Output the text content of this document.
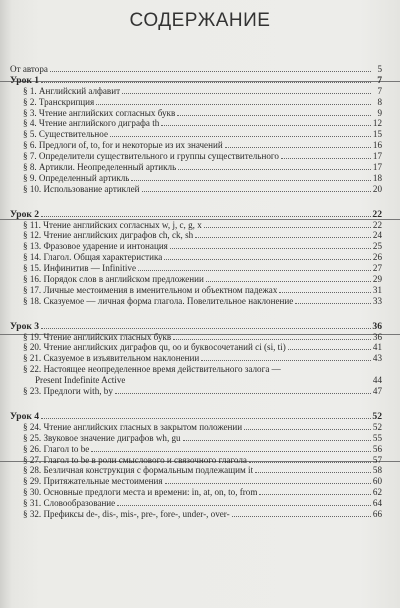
СОДЕРЖАНИЕ
От автора	5
Урок 1	7
§ 1. Английский алфавит	7
§ 2. Транскрипция	8
§ 3. Чтение английских согласных букв	9
§ 4. Чтение английского диграфа th	12
§ 5. Существительное	15
§ 6. Предлоги of, to, for и некоторые из их значений	16
§ 7. Определители существительного и группы существительного	17
§ 8. Артикли. Неопределенный артикль	17
§ 9. Определенный артикль	18
§ 10. Использование артиклей	20
Урок 2	22
§ 11. Чтение английских согласных w, j, c, g, x	22
§ 12. Чтение английских диграфов ch, ck, sh	24
§ 13. Фразовое ударение и интонация	25
§ 14. Глагол. Общая характеристика	26
§ 15. Инфинитив — Infinitive	27
§ 16. Порядок слов в английском предложении	29
§ 17. Личные местоимения в именительном и объектном падежах	31
§ 18. Сказуемое — личная форма глагола. Повелительное наклонение	33
Урок 3	36
§ 19. Чтение английских гласных букв	36
§ 20. Чтение английских диграфов qu, oo и буквосочетаний ci (si, ti)	41
§ 21. Сказуемое в изъявительном наклонении	43
§ 22. Настоящее неопределенное время действительного залога —
Present Indefinite Active	44
§ 23. Предлоги with, by	47
Урок 4	52
§ 24. Чтение английских гласных в закрытом положении	52
§ 25. Звуковое значение диграфов wh, gu	55
§ 26. Глагол to be	56
§ 27. Глагол to be в роли смыслового и связочного глагола	57
§ 28. Безличная конструкция с формальным подлежащим it	58
§ 29. Притяжательные местоимения	60
§ 30. Основные предлоги места и времени: in, at, on, to, from	62
§ 31. Словообразование	64
§ 32. Префиксы de-, dis-, mis-, pre-, fore-, under-, over-	66
